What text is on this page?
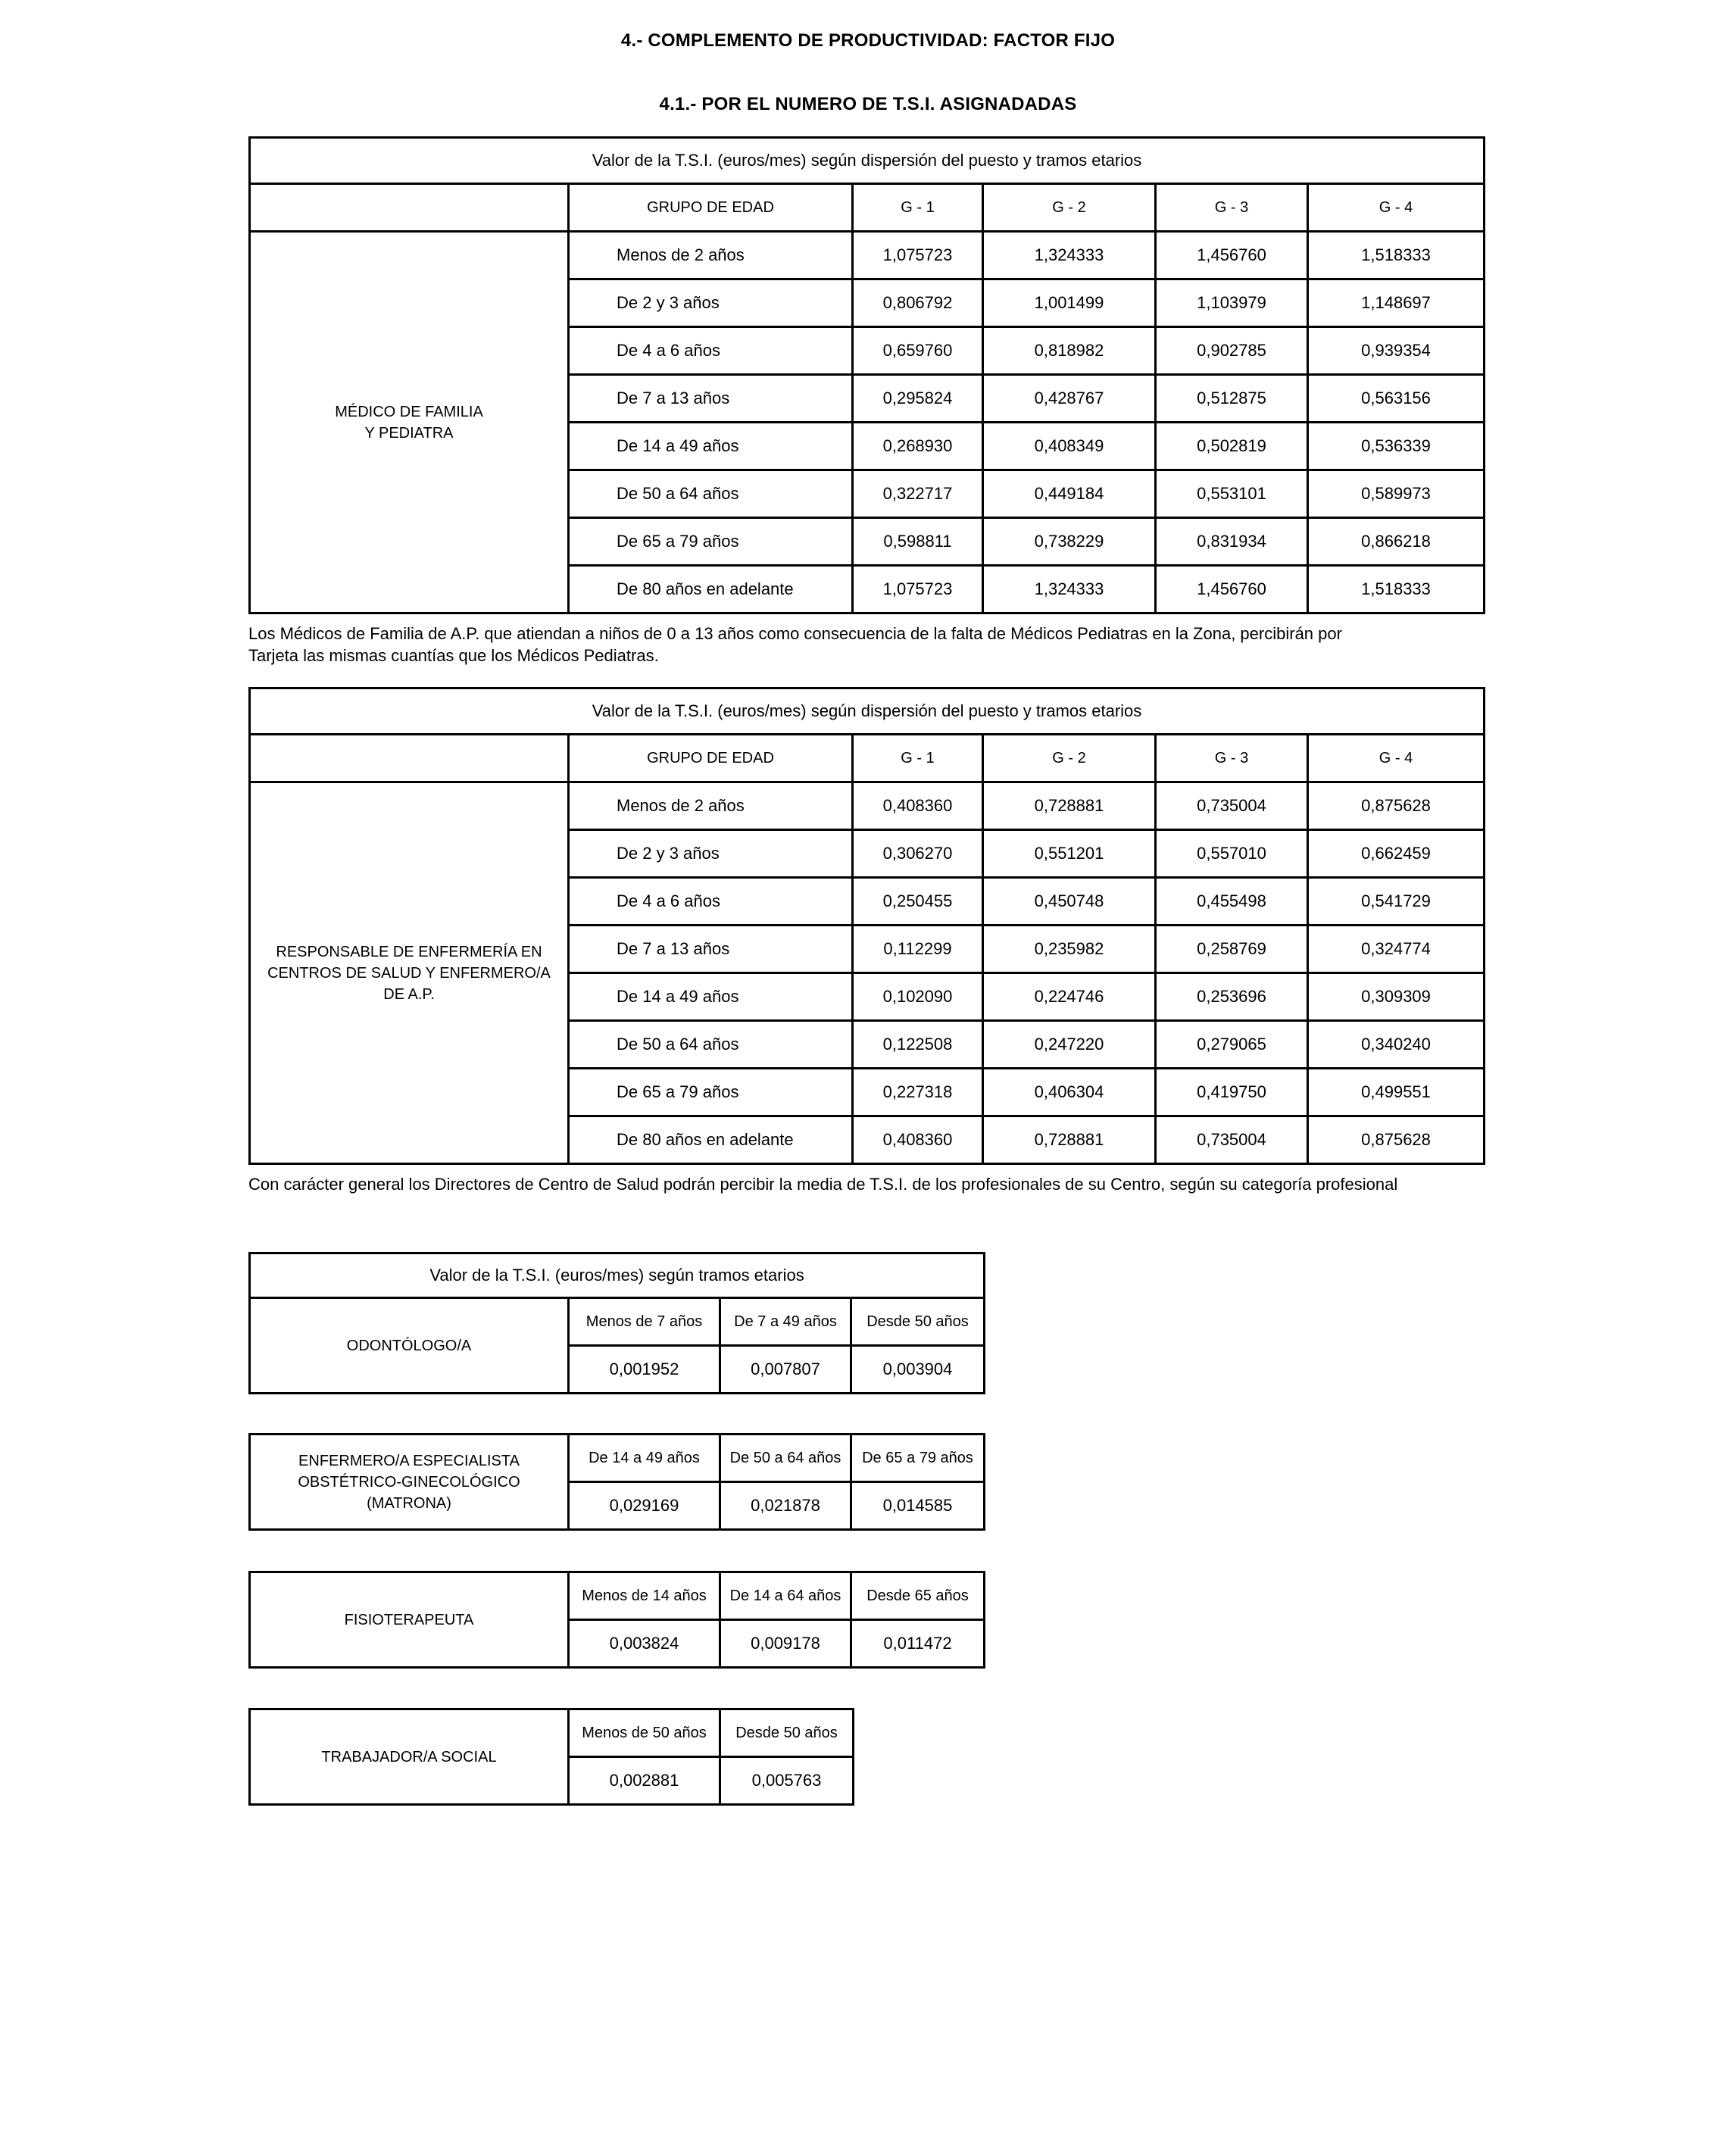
4.- COMPLEMENTO DE PRODUCTIVIDAD: FACTOR FIJO
4.1.- POR EL NUMERO DE T.S.I. ASIGNADADAS
Valor de la T.S.I. (euros/mes) según dispersión del puesto y tramos etarios					
	GRUPO DE EDAD	G - 1	G - 2	G - 3	G - 4

MÉDICO DE FAMILIA
Y PEDIATRA	Menos de 2 años	1,075723	1,324333	1,456760	1,518333
	De 2 y 3 años	0,806792	1,001499	1,103979	1,148697
	De 4 a 6 años	0,659760	0,818982	0,902785	0,939354
	De 7 a 13 años	0,295824	0,428767	0,512875	0,563156
	De 14 a 49 años	0,268930	0,408349	0,502819	0,536339
	De 50 a 64 años	0,322717	0,449184	0,553101	0,589973
	De 65 a 79 años	0,598811	0,738229	0,831934	0,866218
	De 80 años en adelante	1,075723	1,324333	1,456760	1,518333
Los Médicos de Familia de A.P. que atiendan a niños de 0 a 13 años como consecuencia de la falta de Médicos Pediatras en la Zona, percibirán por
Tarjeta las mismas cuantías que los Médicos Pediatras.
Valor de la T.S.I. (euros/mes) según dispersión del puesto y tramos etarios					
	GRUPO DE EDAD	G - 1	G - 2	G - 3	G - 4

RESPONSABLE DE ENFERMERÍA EN
CENTROS DE SALUD Y ENFERMERO/A
DE A.P.	Menos de 2 años	0,408360	0,728881	0,735004	0,875628
	De 2 y 3 años	0,306270	0,551201	0,557010	0,662459
	De 4 a 6 años	0,250455	0,450748	0,455498	0,541729
	De 7 a 13 años	0,112299	0,235982	0,258769	0,324774
	De 14 a 49 años	0,102090	0,224746	0,253696	0,309309
	De 50 a 64 años	0,122508	0,247220	0,279065	0,340240
	De 65 a 79 años	0,227318	0,406304	0,419750	0,499551
	De 80 años en adelante	0,408360	0,728881	0,735004	0,875628
Con carácter general los Directores de Centro de Salud podrán percibir la media de T.S.I. de los profesionales de su Centro, según su categoría profesional
Valor de la T.S.I. (euros/mes) según tramos etarios			
ODONTÓLOGO/A	Menos de 7 años	De 7 a 49 años	Desde 50 años
	0,001952	0,007807	0,003904
ENFERMERO/A ESPECIALISTA
OBSTÉTRICO-GINECOLÓGICO
(MATRONA)	De 14 a 49 años	De 50 a 64 años	De 65 a 79 años
	0,029169	0,021878	0,014585
FISIOTERAPEUTA	Menos de 14 años	De 14 a 64 años	Desde 65 años
	0,003824	0,009178	0,011472
TRABAJADOR/A SOCIAL	Menos de 50 años	Desde 50 años
	0,002881	0,005763
